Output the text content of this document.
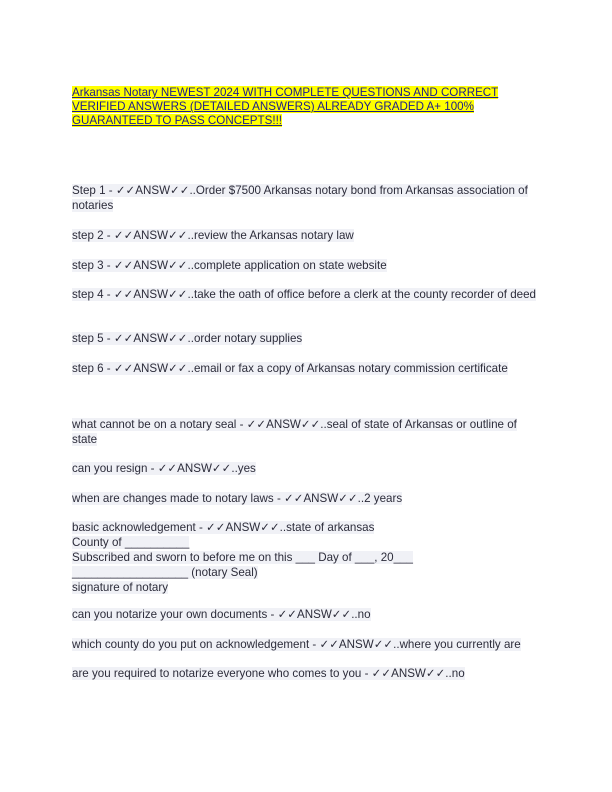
Arkansas Notary NEWEST 2024 WITH COMPLETE QUESTIONS AND CORRECT VERIFIED ANSWERS (DETAILED ANSWERS) ALREADY GRADED A+ 100% GUARANTEED TO PASS CONCEPTS!!!

Step 1 - ✓✓ANSW✓✓..Order $7500 Arkansas notary bond from Arkansas association of notaries

step 2 - ✓✓ANSW✓✓..review the Arkansas notary law

step 3 - ✓✓ANSW✓✓..complete application on state website

step 4 - ✓✓ANSW✓✓..take the oath of office before a clerk at the county recorder of deed

step 5 - ✓✓ANSW✓✓..order notary supplies

step 6 - ✓✓ANSW✓✓..email or fax a copy of Arkansas notary commission certificate

what cannot be on a notary seal - ✓✓ANSW✓✓..seal of state of Arkansas or outline of state

can you resign - ✓✓ANSW✓✓..yes

when are changes made to notary laws - ✓✓ANSW✓✓..2 years

basic acknowledgement - ✓✓ANSW✓✓..state of arkansas
County of __________
Subscribed and sworn to before me on this ___ Day of ___, 20___
__________________ (notary Seal)
signature of notary

can you notarize your own documents - ✓✓ANSW✓✓..no

which county do you put on acknowledgement - ✓✓ANSW✓✓..where you currently are

are you required to notarize everyone who comes to you - ✓✓ANSW✓✓..no
